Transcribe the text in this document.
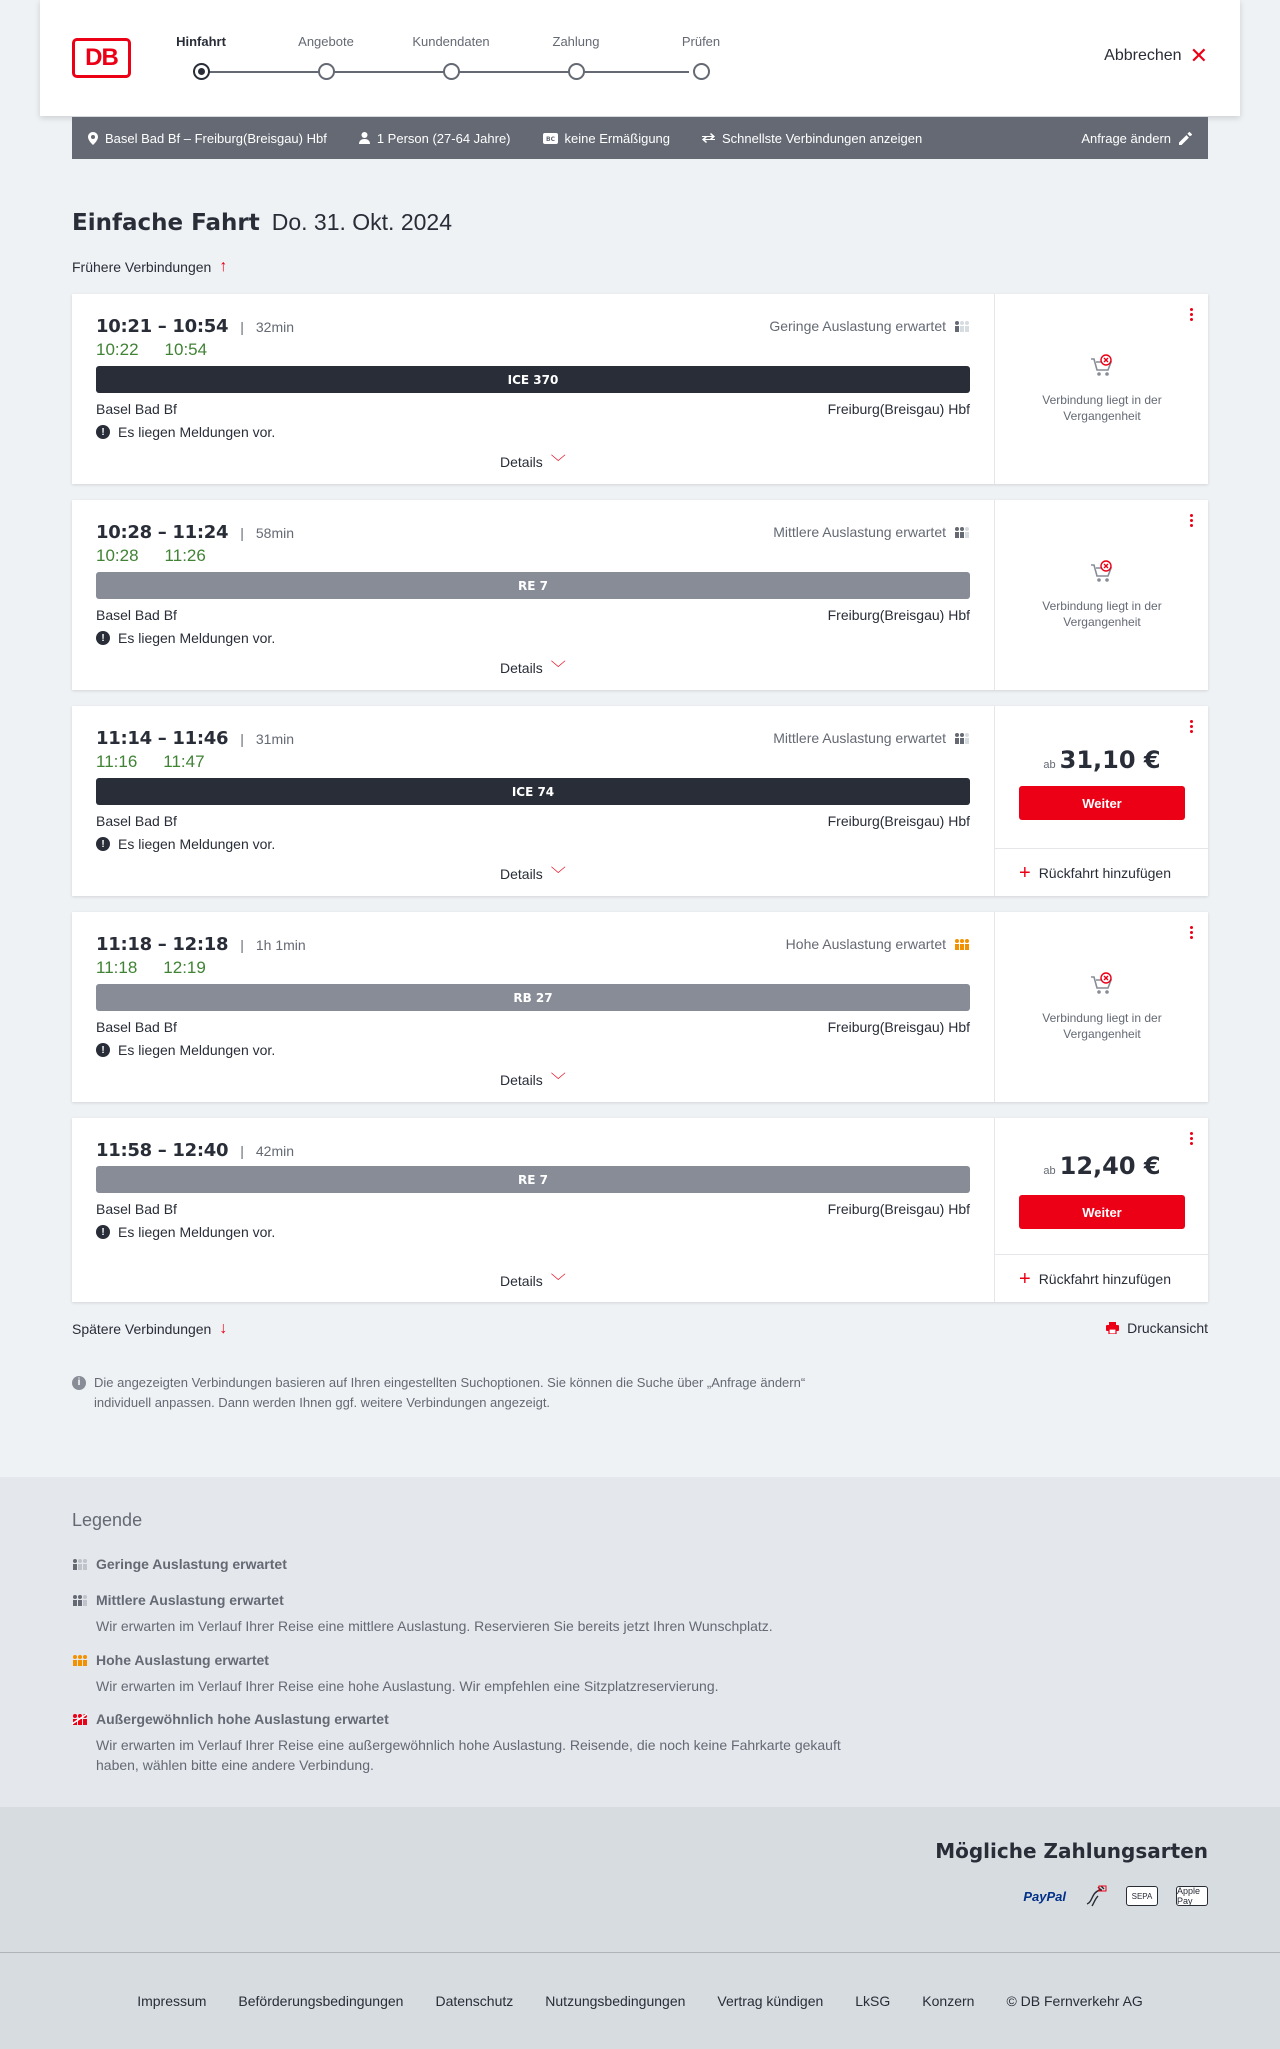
DB
Hinfahrt	Angebote	Kundendaten	Zahlung	Prüfen
Abbrechen ✕
Basel Bad Bf – Freiburg(Breisgau) Hbf	1 Person (27-64 Jahre)	BC keine Ermäßigung	Schnellste Verbindungen anzeigen	Anfrage ändern
Einfache Fahrt Do. 31. Okt. 2024
Frühere Verbindungen ↑
10:21 – 10:54 | 32min
10:22 10:54
Geringe Auslastung erwartet
ICE 370
Basel Bad Bf	Freiburg(Breisgau) Hbf
! Es liegen Meldungen vor.
Details ﹀
Verbindung liegt in der Vergangenheit
10:28 – 11:24 | 58min
10:28 11:26
Mittlere Auslastung erwartet
RE 7
Basel Bad Bf	Freiburg(Breisgau) Hbf
! Es liegen Meldungen vor.
Details ﹀
Verbindung liegt in der Vergangenheit
11:14 – 11:46 | 31min
11:16 11:47
Mittlere Auslastung erwartet
ICE 74
Basel Bad Bf	Freiburg(Breisgau) Hbf
! Es liegen Meldungen vor.
Details ﹀
ab 31,10 €
Weiter
+ Rückfahrt hinzufügen
11:18 – 12:18 | 1h 1min
11:18 12:19
Hohe Auslastung erwartet
RB 27
Basel Bad Bf	Freiburg(Breisgau) Hbf
! Es liegen Meldungen vor.
Details ﹀
Verbindung liegt in der Vergangenheit
11:58 – 12:40 | 42min
RE 7
Basel Bad Bf	Freiburg(Breisgau) Hbf
! Es liegen Meldungen vor.
Details ﹀
ab 12,40 €
Weiter
+ Rückfahrt hinzufügen
Spätere Verbindungen ↓	Druckansicht
i	Die angezeigten Verbindungen basieren auf Ihren eingestellten Suchoptionen. Sie können die Suche über „Anfrage ändern“ individuell anpassen. Dann werden Ihnen ggf. weitere Verbindungen angezeigt.
Legende
Geringe Auslastung erwartet
Mittlere Auslastung erwartet
Wir erwarten im Verlauf Ihrer Reise eine mittlere Auslastung. Reservieren Sie bereits jetzt Ihren Wunschplatz.
Hohe Auslastung erwartet
Wir erwarten im Verlauf Ihrer Reise eine hohe Auslastung. Wir empfehlen eine Sitzplatzreservierung.
Außergewöhnlich hohe Auslastung erwartet
Wir erwarten im Verlauf Ihrer Reise eine außergewöhnlich hohe Auslastung. Reisende, die noch keine Fahrkarte gekauft haben, wählen bitte eine andere Verbindung.
Mögliche Zahlungsarten
PayPal	SEPA	Apple Pay
Impressum Beförderungsbedingungen Datenschutz Nutzungsbedingungen Vertrag kündigen LkSG Konzern © DB Fernverkehr AG
